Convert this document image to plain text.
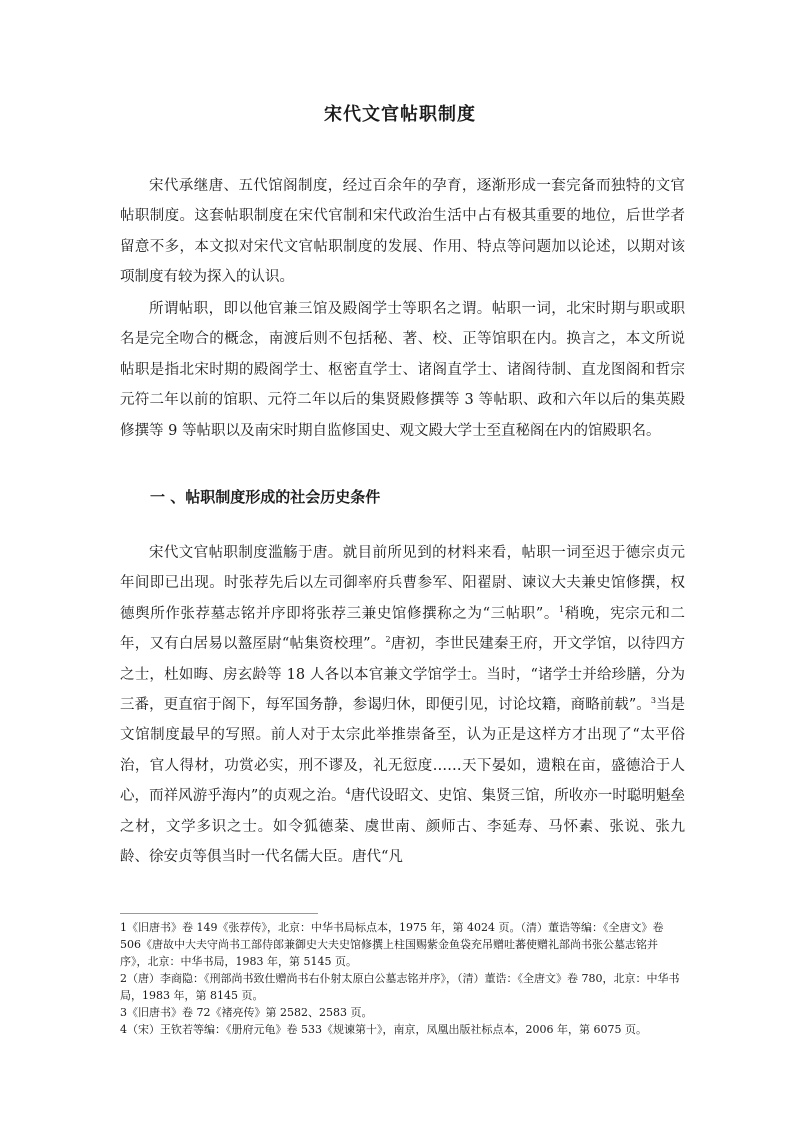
宋代文官帖职制度

宋代承继唐、五代馆阁制度，经过百余年的孕育，逐渐形成一套完备而独特的文官帖职制度。这套帖职制度在宋代官制和宋代政治生活中占有极其重要的地位，后世学者留意不多，本文拟对宋代文官帖职制度的发展、作用、特点等问题加以论述，以期对该项制度有较为探入的认识。

所谓帖职，即以他官兼三馆及殿阁学士等职名之谓。帖职一词，北宋时期与职或职名是完全吻合的概念，南渡后则不包括秘、著、校、正等馆职在内。换言之，本文所说帖职是指北宋时期的殿阁学士、枢密直学士、诸阁直学士、诸阁待制、直龙图阁和哲宗元符二年以前的馆职、元符二年以后的集贤殿修撰等 3 等帖职、政和六年以后的集英殿修撰等 9 等帖职以及南宋时期自监修国史、观文殿大学士至直秘阁在内的馆殿职名。

一 、帖职制度形成的社会历史条件

宋代文官帖职制度滥觞于唐。就目前所见到的材料来看，帖职一词至迟于德宗贞元年间即已出现。时张荐先后以左司御率府兵曹参军、阳翟尉、谏议大夫兼史馆修撰，权德舆所作张荐墓志铭并序即将张荐三兼史馆修撰称之为“三帖职”。$^1$稍晚，宪宗元和二年，又有白居易以盩厔尉“帖集资校理”。$^2$唐初，李世民建秦王府，开文学馆，以待四方之士，杜如晦、房玄龄等 18 人各以本官兼文学馆学士。当时，“诸学士并给珍膳，分为三番，更直宿于阁下，每军国务静，参谒归休，即便引见，讨论坟籍，商略前载”。$^3$当是文馆制度最早的写照。前人对于太宗此举推崇备至，认为正是这样方才出现了“太平俗治，官人得材，功赏必实，刑不谬及，礼无愆度……天下晏如，遗粮在亩，盛德洽于人心，而祥风游乎海内”的贞观之治。$^4$唐代设昭文、史馆、集贤三馆，所收亦一时聪明魁垒之材，文学多识之士。如令狐德棻、虞世南、颜师古、李延寿、马怀素、张说、张九龄、徐安贞等俱当时一代名儒大臣。唐代“凡

1《旧唐书》卷 149《张荐传》，北京：中华书局标点本，1975 年，第 4024 页。（清）董诰等编：《全唐文》卷 506《唐故中大夫守尚书工部侍郎兼御史大夫史馆修撰上柱国赐紫金鱼袋充吊赠吐蕃使赠礼部尚书张公墓志铭并序》，北京：中华书局，1983 年，第 5145 页。

2（唐）李商隐：《刑部尚书致仕赠尚书右仆射太原白公墓志铭并序》，（清）董诰：《全唐文》卷 780，北京：中华书局，1983 年，第 8145 页。

3《旧唐书》卷 72《褚亮传》第 2582、2583 页。

4（宋）王钦若等编：《册府元龟》卷 533《规谏第十》，南京，凤凰出版社标点本，2006 年，第 6075 页。
